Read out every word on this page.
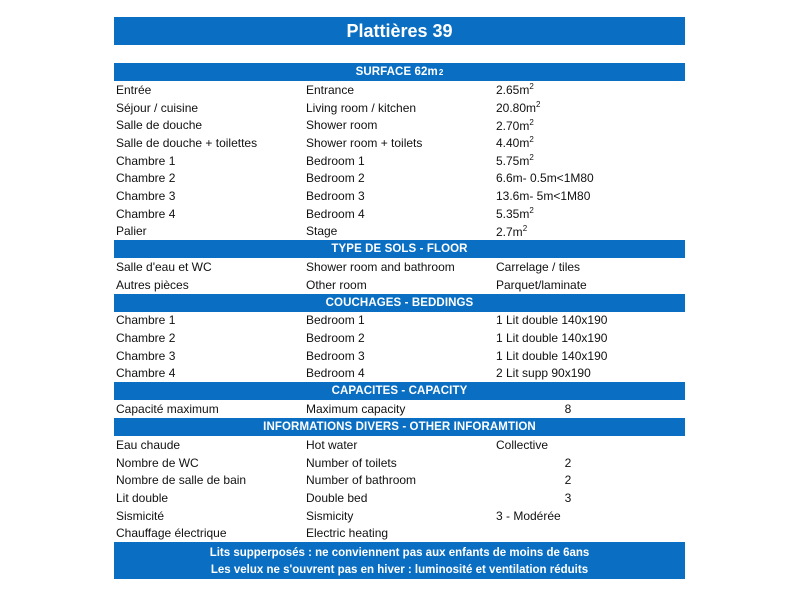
Plattières 39
SURFACE 62m 2
Entrée	Entrance	$2.65m^2$
Séjour / cuisine	Living room / kitchen	$20.80m^2$
Salle de douche	Shower room	$2.70m^2$
Salle de douche + toilettes	Shower room + toilets	$4.40m^2$
Chambre 1	Bedroom 1	$5.75m^2$
Chambre 2	Bedroom 2	6.6m- 0.5m<1M80
Chambre 3	Bedroom 3	13.6m- 5m<1M80
Chambre 4	Bedroom 4	$5.35m^2$
Palier	Stage	$2.7m^2$
TYPE DE SOLS - FLOOR
Salle d'eau et WC	Shower room and bathroom	Carrelage / tiles
Autres pièces	Other room	Parquet/laminate
COUCHAGES - BEDDINGS
Chambre 1	Bedroom 1	1 Lit double 140x190
Chambre 2	Bedroom 2	1 Lit double 140x190
Chambre 3	Bedroom 3	1 Lit double 140x190
Chambre 4	Bedroom 4	2 Lit supp 90x190
CAPACITES - CAPACITY
Capacité maximum	Maximum capacity	8
INFORMATIONS DIVERS - OTHER INFORAMTION
Eau chaude	Hot water	Collective
Nombre de WC	Number of toilets	2
Nombre de salle de bain	Number of bathroom	2
Lit double	Double bed	3
Sismicité	Sismicity	3 - Modérée
Chauffage électrique	Electric heating
Lits supperposés : ne conviennent pas aux enfants de moins de 6ans
Les velux ne s'ouvrent pas en hiver : luminosité et ventilation réduits
